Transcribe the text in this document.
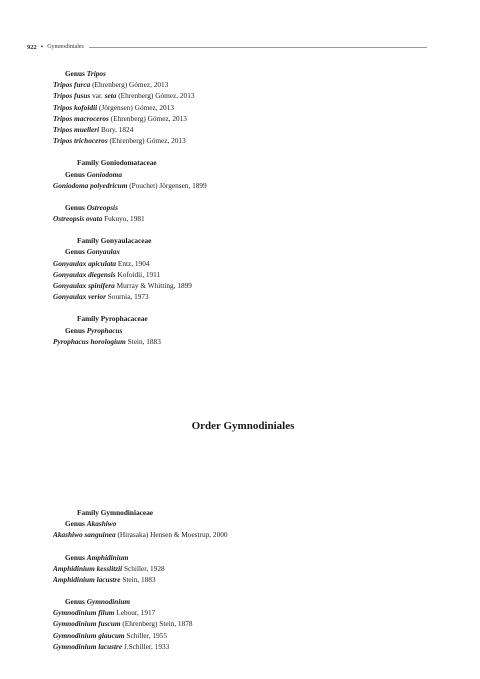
922 • Gymnodiniales
Genus Tripos
Tripos furca (Ehrenberg) Gómez, 2013
Tripos fusus var. seta (Ehrenberg) Gómez, 2013
Tripos kofoidii (Jörgensen) Gómez, 2013
Tripos macroceros (Ehrenberg) Gómez, 2013
Tripos muelleri Bory, 1824
Tripos trichoceros (Ehrenberg) Gómez, 2013
Family Goniodomataceae
Genus Goniodoma
Goniodoma polyedricum (Pouchet) Jörgensen, 1899
Genus Ostreopsis
Ostreopsis ovata Fukuyo, 1981
Family Gonyaulacaceae
Genus Gonyaulax
Gonyaulax apiculata Entz, 1904
Gonyaulax diegensis Kofoidii, 1911
Gonyaulax spinifera Murray & Whitting, 1899
Gonyaulax verior Sournia, 1973
Family Pyrophacaceae
Genus Pyrophacus
Pyrophacus horologium Stein, 1883
Order Gymnodiniales
Family Gymnodiniaceae
Genus Akashiwo
Akashiwo sanguinea (Hirasaka) Hensen & Moestrup, 2000
Genus Amphidinium
Amphidinium kesslitzii Schiller, 1928
Amphidinium lacustre Stein, 1883
Genus Gymnodinium
Gymnodinium filum Lebour, 1917
Gymnodinium fuscum (Ehrenberg) Stein, 1878
Gymnodinium glaucum Schiller, 1955
Gymnodinium lacustre J.Schiller, 1933
